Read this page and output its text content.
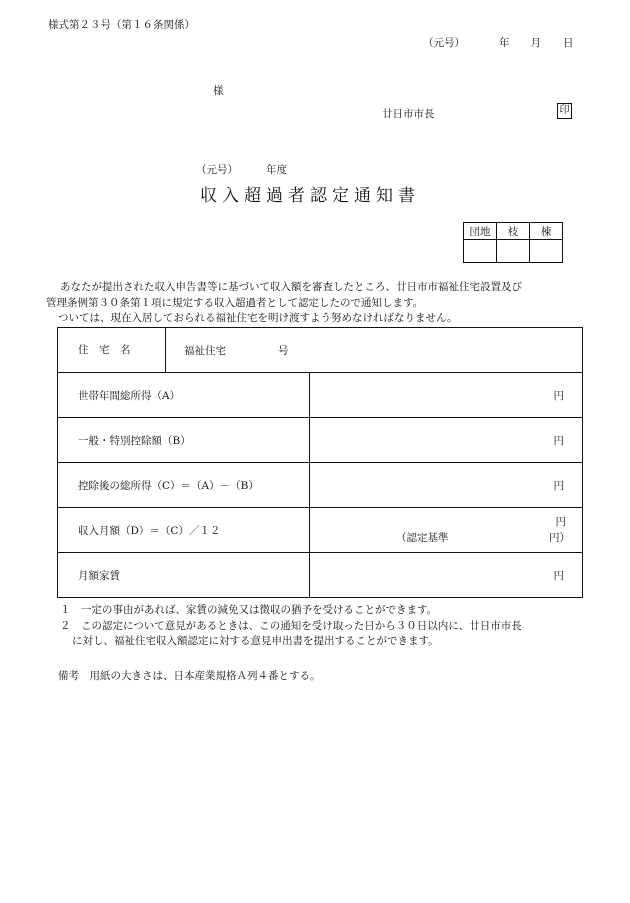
様式第２３号（第１６条関係）
（元号）	年 月 日
様
廿日市市長	印
（元号）	年度
収入超過者認定通知書
団地	枝	棟

あなたが提出された収入申告書等に基づいて収入額を審査したところ、廿日市市福祉住宅設置及び

管理条例第３０条第１項に規定する収入超過者として認定したので通知します。

ついては、現在入居しておられる福祉住宅を明け渡すよう努めなければなりません。

住　宅　名 福祉住宅 号	

世帯年間総所得（A）	円
一般・特別控除額（B）	円
控除後の総所得（C）＝（A）－（B）	円
収入月額（D）＝（C）／１２	円
（認定基準 円）

月額家賃	円

１　一定の事由があれば、家賃の減免又は徴収の猶予を受けることができます。

２　この認定について意見があるときは、この通知を受け取った日から３０日以内に、廿日市市長

に対し、福祉住宅収入額認定に対する意見申出書を提出することができます。

備考　用紙の大きさは、日本産業規格Ａ列４番とする。
